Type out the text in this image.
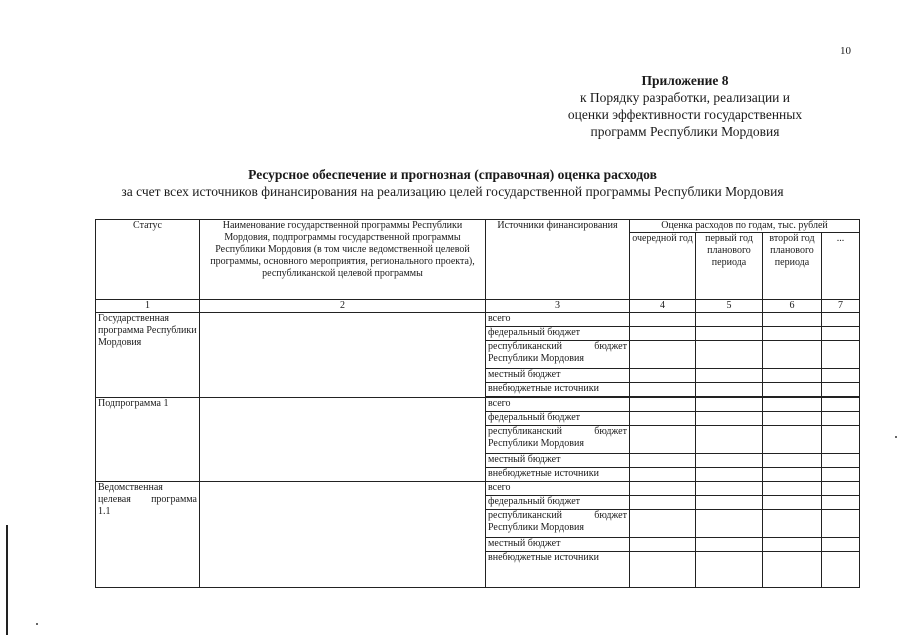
10
Приложение 8
к Порядку разработки, реализации и
оценки эффективности государственных
программ Республики Мордовия
Ресурсное обеспечение и прогнозная (справочная) оценка расходов
за счет всех источников финансирования на реализацию целей государственной программы Республики Мордовия
Статус	Наименование государственной программы Республики Мордовия, подпрограммы государственной программы Республики Мордовия (в том числе ведомственной целевой программы, основного мероприятия, регионального проекта), республиканской целевой программы	Источники финансирования	Оценка расходов по годам, тыс. рублей			
			очередной год	первый год планового периода	второй год планового периода	...
1	2	3	4	5	6	7
Государственная программа Республики Мордовия		всего				
		федеральный бюджет				

		республиканский бюджет
Республики Мордовия				

		местный бюджет				
		внебюджетные источники				

Подпрограмма 1		всего				
		федеральный бюджет				

		республиканский бюджет
Республики Мордовия				

		местный бюджет				
		внебюджетные источники				

Ведомственная
целевая программа
1.1		всего				
		федеральный бюджет				

		республиканский бюджет
Республики Мордовия				

		местный бюджет				
		внебюджетные источники				
